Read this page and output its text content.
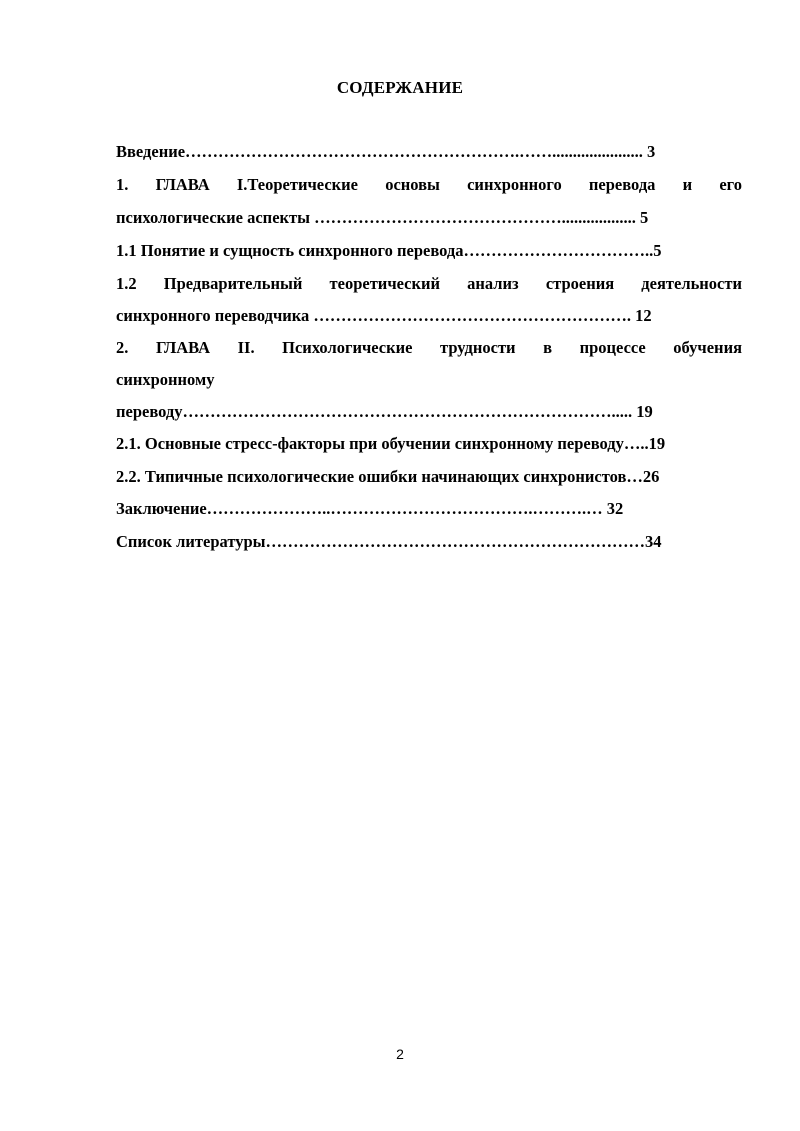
СОДЕРЖАНИЕ
Введение…………………………………………………….……...................... 3
1. ГЛАВА I.Теоретические основы синхронного перевода и его
психологические аспекты ……………………………………….................. 5
1.1 Понятие и сущность синхронного перевода……………………………..5
1.2 Предварительный теоретический анализ строения деятельности
синхронного переводчика …………………………………………………. 12
2. ГЛАВА II. Психологические трудности в процессе обучения
синхронному
переводу……………………………………………………………………..... 19
2.1. Основные стресс-факторы при обучении синхронному переводу…..19
2.2. Типичные психологические ошибки начинающих синхронистов…26
Заключение…………………..……………………………….……….… 32
Список литературы……………………………………………………………34
2
